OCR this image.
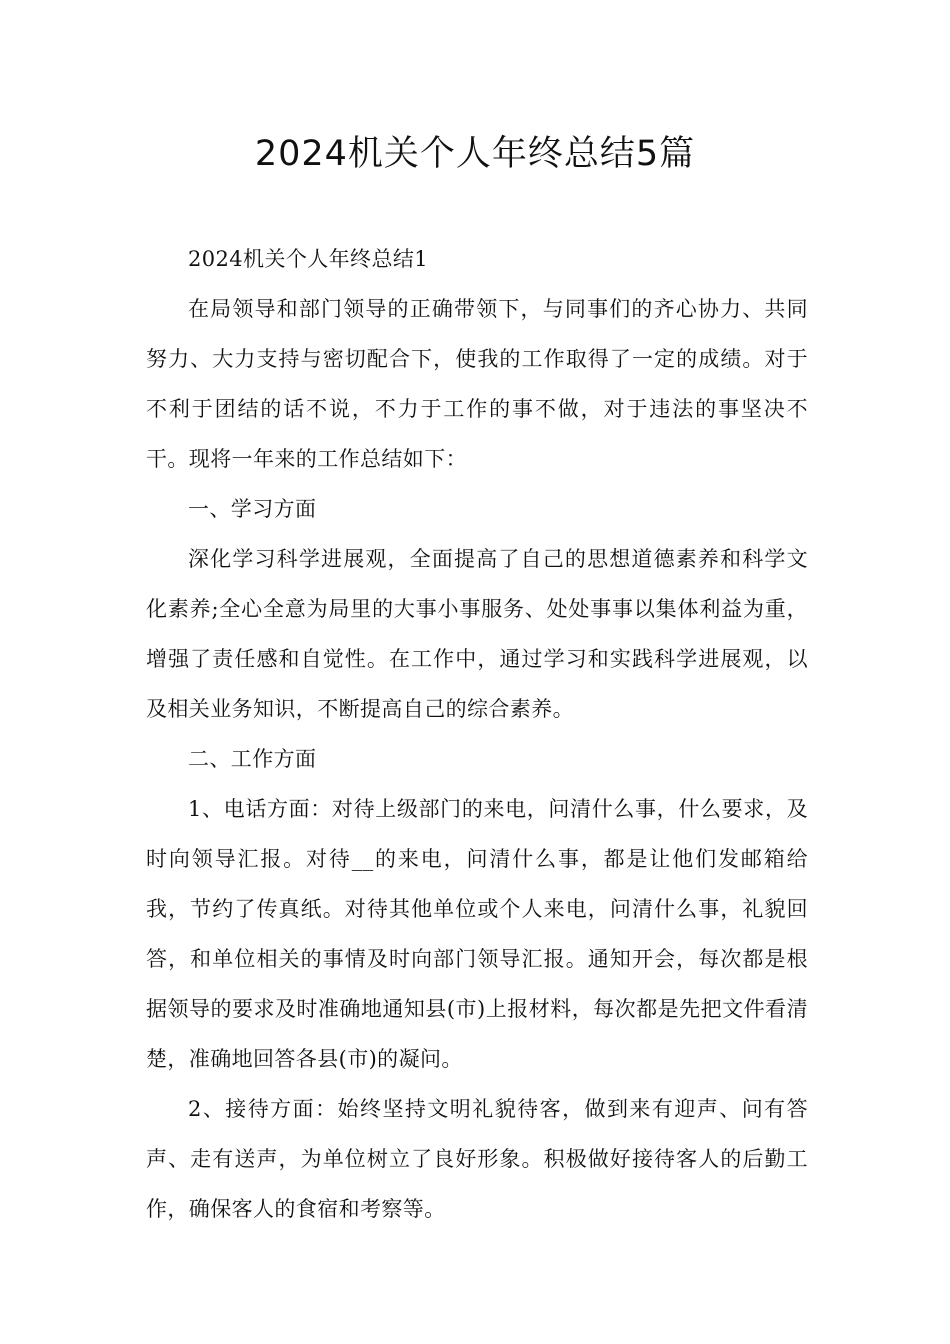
2024机关个人年终总结5篇

2024机关个人年终总结1

在局领导和部门领导的正确带领下，与同事们的齐心协力、共同努力、大力支持与密切配合下，使我的工作取得了一定的成绩。对于不利于团结的话不说，不力于工作的事不做，对于违法的事坚决不干。现将一年来的工作总结如下：

一、学习方面

深化学习科学进展观，全面提高了自己的思想道德素养和科学文化素养;全心全意为局里的大事小事服务、处处事事以集体利益为重，增强了责任感和自觉性。在工作中，通过学习和实践科学进展观，以及相关业务知识，不断提高自己的综合素养。

二、工作方面

1、电话方面：对待上级部门的来电，问清什么事，什么要求，及时向领导汇报。对待__的来电，问清什么事，都是让他们发邮箱给我，节约了传真纸。对待其他单位或个人来电，问清什么事，礼貌回答，和单位相关的事情及时向部门领导汇报。通知开会，每次都是根据领导的要求及时准确地通知县(市)上报材料，每次都是先把文件看清楚，准确地回答各县(市)的凝问。

2、接待方面：始终坚持文明礼貌待客，做到来有迎声、问有答声、走有送声，为单位树立了良好形象。积极做好接待客人的后勤工作，确保客人的食宿和考察等。
